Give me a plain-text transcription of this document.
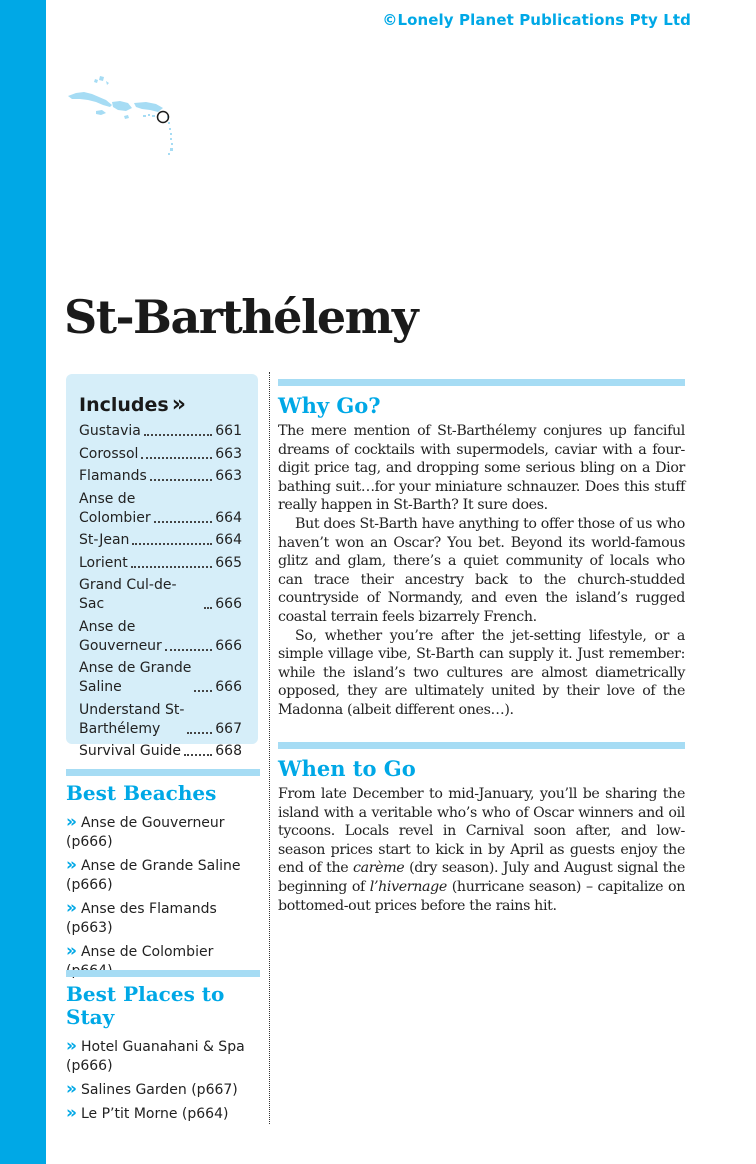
©Lonely Planet Publications Pty Ltd
St-Barthélemy
Includes »
Gustavia	661
Corossol	663
Flamands	663
Anse de
Colombier	664
St-Jean	664
Lorient	665
Grand Cul-de-Sac	666
Anse de
Gouverneur	666
Anse de Grande
Saline	666
Understand St-
Barthélemy	667
Survival Guide 668
Best Beaches
» Anse de Gouverneur (p666)
» Anse de Grande Saline (p666)
» Anse des Flamands (p663)
» Anse de Colombier
Best Places to Stay
» Hotel Guanahani & Spa (p666)
» Salines Garden (p667)
» Le P’tit Morne (p664)
Why Go?

The mere mention of St-Barthélemy conjures up fanciful dreams of cocktails with supermodels, caviar with a four-digit price tag, and dropping some serious bling on a Dior bathing suit…for your miniature schnauzer. Does this stuff really happen in St-Barth? It sure does.

But does St-Barth have anything to offer those of us who haven’t won an Oscar? You bet. Beyond its world-famous glitz and glam, there’s a quiet community of locals who can trace their ancestry back to the church-studded countryside of Normandy, and even the island’s rugged coastal terrain feels bizarrely French.

So, whether you’re after the jet-setting lifestyle, or a simple village vibe, St-Barth can supply it. Just remember: while the island’s two cultures are almost diametrically opposed, they are ultimately united by their love of the Madonna (albeit different ones…).

When to Go

From late December to mid-January, you’ll be sharing the island with a veritable who’s who of Oscar winners and oil tycoons. Locals revel in Carnival soon after, and low-season prices start to kick in by April as guests enjoy the end of the carème (dry season). July and August signal the beginning of l’hivernage (hurricane season) – capitalize on bottomed-out prices before the rains hit.
